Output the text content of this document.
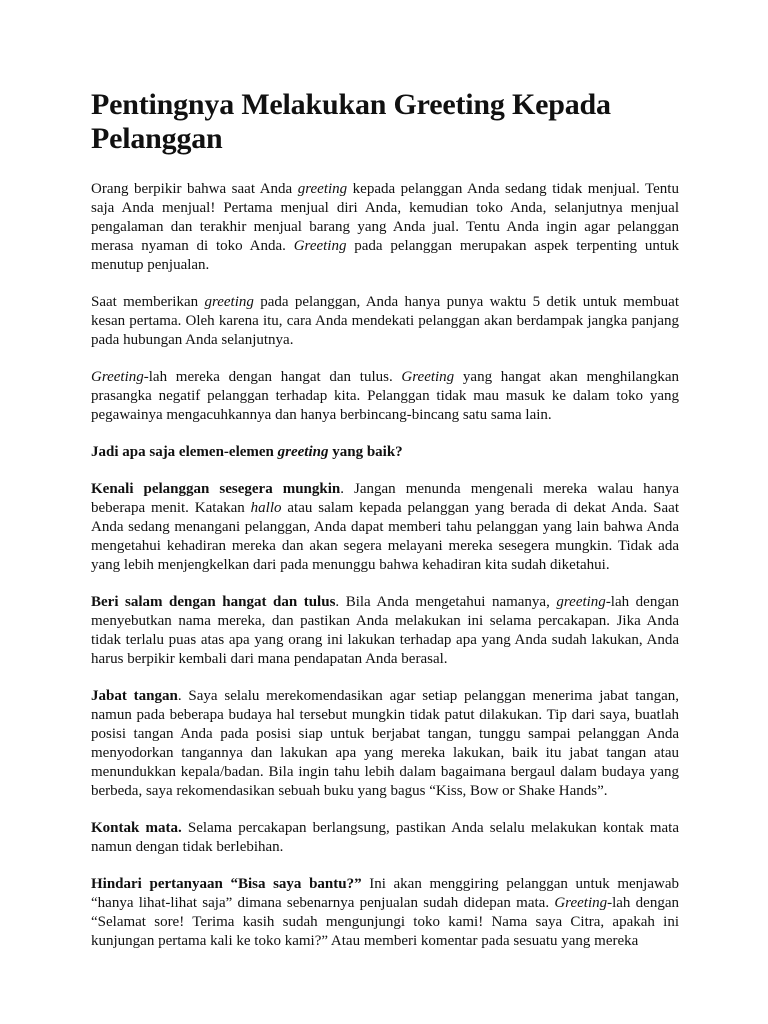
Pentingnya Melakukan Greeting Kepada Pelanggan

Orang berpikir bahwa saat Anda greeting kepada pelanggan Anda sedang tidak menjual. Tentu saja Anda menjual! Pertama menjual diri Anda, kemudian toko Anda, selanjutnya menjual pengalaman dan terakhir menjual barang yang Anda jual. Tentu Anda ingin agar pelanggan merasa nyaman di toko Anda. Greeting pada pelanggan merupakan aspek terpenting untuk menutup penjualan.

Saat memberikan greeting pada pelanggan, Anda hanya punya waktu 5 detik untuk membuat kesan pertama. Oleh karena itu, cara Anda mendekati pelanggan akan berdampak jangka panjang pada hubungan Anda selanjutnya.

Greeting-lah mereka dengan hangat dan tulus. Greeting yang hangat akan menghilangkan prasangka negatif pelanggan terhadap kita. Pelanggan tidak mau masuk ke dalam toko yang pegawainya mengacuhkannya dan hanya berbincang-bincang satu sama lain.

Jadi apa saja elemen-elemen greeting yang baik?

Kenali pelanggan sesegera mungkin. Jangan menunda mengenali mereka walau hanya beberapa menit. Katakan hallo atau salam kepada pelanggan yang berada di dekat Anda. Saat Anda sedang menangani pelanggan, Anda dapat memberi tahu pelanggan yang lain bahwa Anda mengetahui kehadiran mereka dan akan segera melayani mereka sesegera mungkin. Tidak ada yang lebih menjengkelkan dari pada menunggu bahwa kehadiran kita sudah diketahui.

Beri salam dengan hangat dan tulus. Bila Anda mengetahui namanya, greeting-lah dengan menyebutkan nama mereka, dan pastikan Anda melakukan ini selama percakapan. Jika Anda tidak terlalu puas atas apa yang orang ini lakukan terhadap apa yang Anda sudah lakukan, Anda harus berpikir kembali dari mana pendapatan Anda berasal.

Jabat tangan. Saya selalu merekomendasikan agar setiap pelanggan menerima jabat tangan, namun pada beberapa budaya hal tersebut mungkin tidak patut dilakukan. Tip dari saya, buatlah posisi tangan Anda pada posisi siap untuk berjabat tangan, tunggu sampai pelanggan Anda menyodorkan tangannya dan lakukan apa yang mereka lakukan, baik itu jabat tangan atau menundukkan kepala/badan. Bila ingin tahu lebih dalam bagaimana bergaul dalam budaya yang berbeda, saya rekomendasikan sebuah buku yang bagus “Kiss, Bow or Shake Hands”.

Kontak mata. Selama percakapan berlangsung, pastikan Anda selalu melakukan kontak mata namun dengan tidak berlebihan.

Hindari pertanyaan “Bisa saya bantu?” Ini akan menggiring pelanggan untuk menjawab “hanya lihat-lihat saja” dimana sebenarnya penjualan sudah didepan mata. Greeting-lah dengan “Selamat sore! Terima kasih sudah mengunjungi toko kami! Nama saya Citra, apakah ini kunjungan pertama kali ke toko kami?” Atau memberi komentar pada sesuatu yang mereka
